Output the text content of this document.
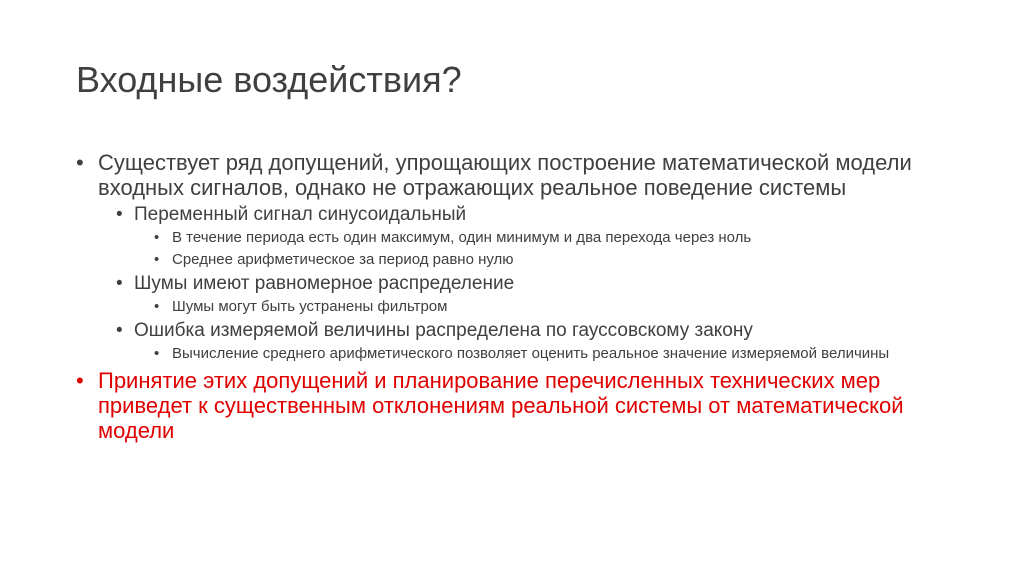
Входные воздействия?
• Существует ряд допущений, упрощающих построение математической модели входных сигналов, однако не отражающих реальное поведение системы
• Переменный сигнал синусоидальный
• В течение периода есть один максимум, один минимум и два перехода через ноль
• Среднее арифметическое за период равно нулю
• Шумы имеют равномерное распределение
• Шумы могут быть устранены фильтром
• Ошибка измеряемой величины распределена по гауссовскому закону
• Вычисление среднего арифметического позволяет оценить реальное значение измеряемой величины
• Принятие этих допущений и планирование перечисленных технических мер приведет к существенным отклонениям реальной системы от математической модели
